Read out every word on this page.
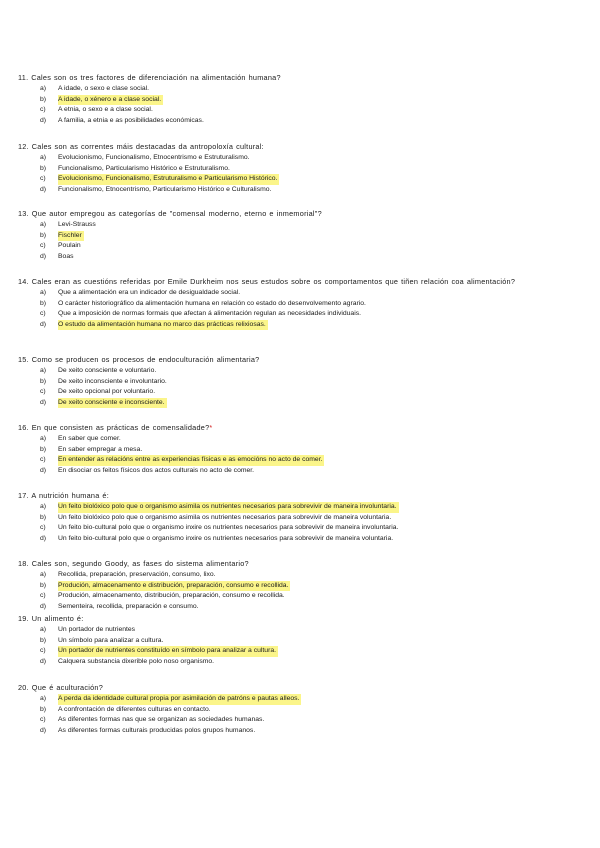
11. Cales son os tres factores de diferenciación na alimentación humana?

a)	A idade, o sexo e clase social.
b)	A idade, o xénero e a clase social.
c)	A etnia, o sexo e a clase social.
d)	A familia, a etnia e as posibilidades económicas.

12. Cales son as correntes máis destacadas da antropoloxía cultural:

a)	Evolucionismo, Funcionalismo, Etnocentrismo e Estruturalismo.
b)	Funcionalismo, Particularismo Histórico e Estruturalismo.
c)	Evolucionismo, Funcionalismo, Estruturalismo e Particularismo Histórico.
d)	Funcionalismo, Etnocentrismo, Particularismo Histórico e Culturalismo.

13. Que autor empregou as categorías de "comensal moderno, eterno e inmemorial"?

a)	Levi-Strauss
b)	Fischler
c)	Poulain
d)	Boas

14. Cales eran as cuestións referidas por Emile Durkheim nos seus estudos sobre os comportamentos que tiñen relación coa alimentación?

a)	Que a alimentación era un indicador de desigualdade social.
b)	O carácter historiográfico da alimentación humana en relación co estado do desenvolvemento agrario.
c)	Que a imposición de normas formais que afectan á alimentación regulan as necesidades individuais.
d)	O estudo da alimentación humana no marco das prácticas relixiosas.

15. Como se producen os procesos de endoculturación alimentaria?

a)	De xeito consciente e voluntario.
b)	De xeito inconsciente e involuntario.
c)	De xeito opcional por voluntario.
d)	De xeito consciente e inconsciente.

16. En que consisten as prácticas de comensalidade?*

a)	En saber que comer.
b)	En saber empregar a mesa.
c)	En entender as relacións entre as experiencias físicas e as emocións no acto de comer.
d)	En disociar os feitos físicos dos actos culturais no acto de comer.

17. A nutrición humana é:

a)	Un feito biolóxico polo que o organismo asimila os nutrientes necesarios para sobrevivir de maneira involuntaria.
b)	Un feito biolóxico polo que o organismo asimila os nutrientes necesarios para sobrevivir de maneira voluntaria.
c)	Un feito bio-cultural polo que o organismo inxire os nutrientes necesarios para sobrevivir de maneira involuntaria.
d)	Un feito bio-cultural polo que o organismo inxire os nutrientes necesarios para sobrevivir de maneira voluntaria.

18. Cales son, segundo Goody, as fases do sistema alimentario?

a)	Recollida, preparación, preservación, consumo, lixo.
b)	Produción, almacenamento e distribución, preparación, consumo e recollida.
c)	Produción, almacenamento, distribución, preparación, consumo e recollida.
d)	Sementeira, recollida, preparación e consumo.

19. Un alimento é:

a)	Un portador de nutrientes
b)	Un símbolo para analizar a cultura.
c)	Un portador de nutrientes constituído en símbolo para analizar a cultura.
d)	Calquera substancia dixerible polo noso organismo.

20. Que é aculturación?

a)	A perda da identidade cultural propia por asimilación de patróns e pautas alleos.
b)	A confrontación de diferentes culturas en contacto.
c)	As diferentes formas nas que se organizan as sociedades humanas.
d)	As diferentes formas culturais producidas polos grupos humanos.
